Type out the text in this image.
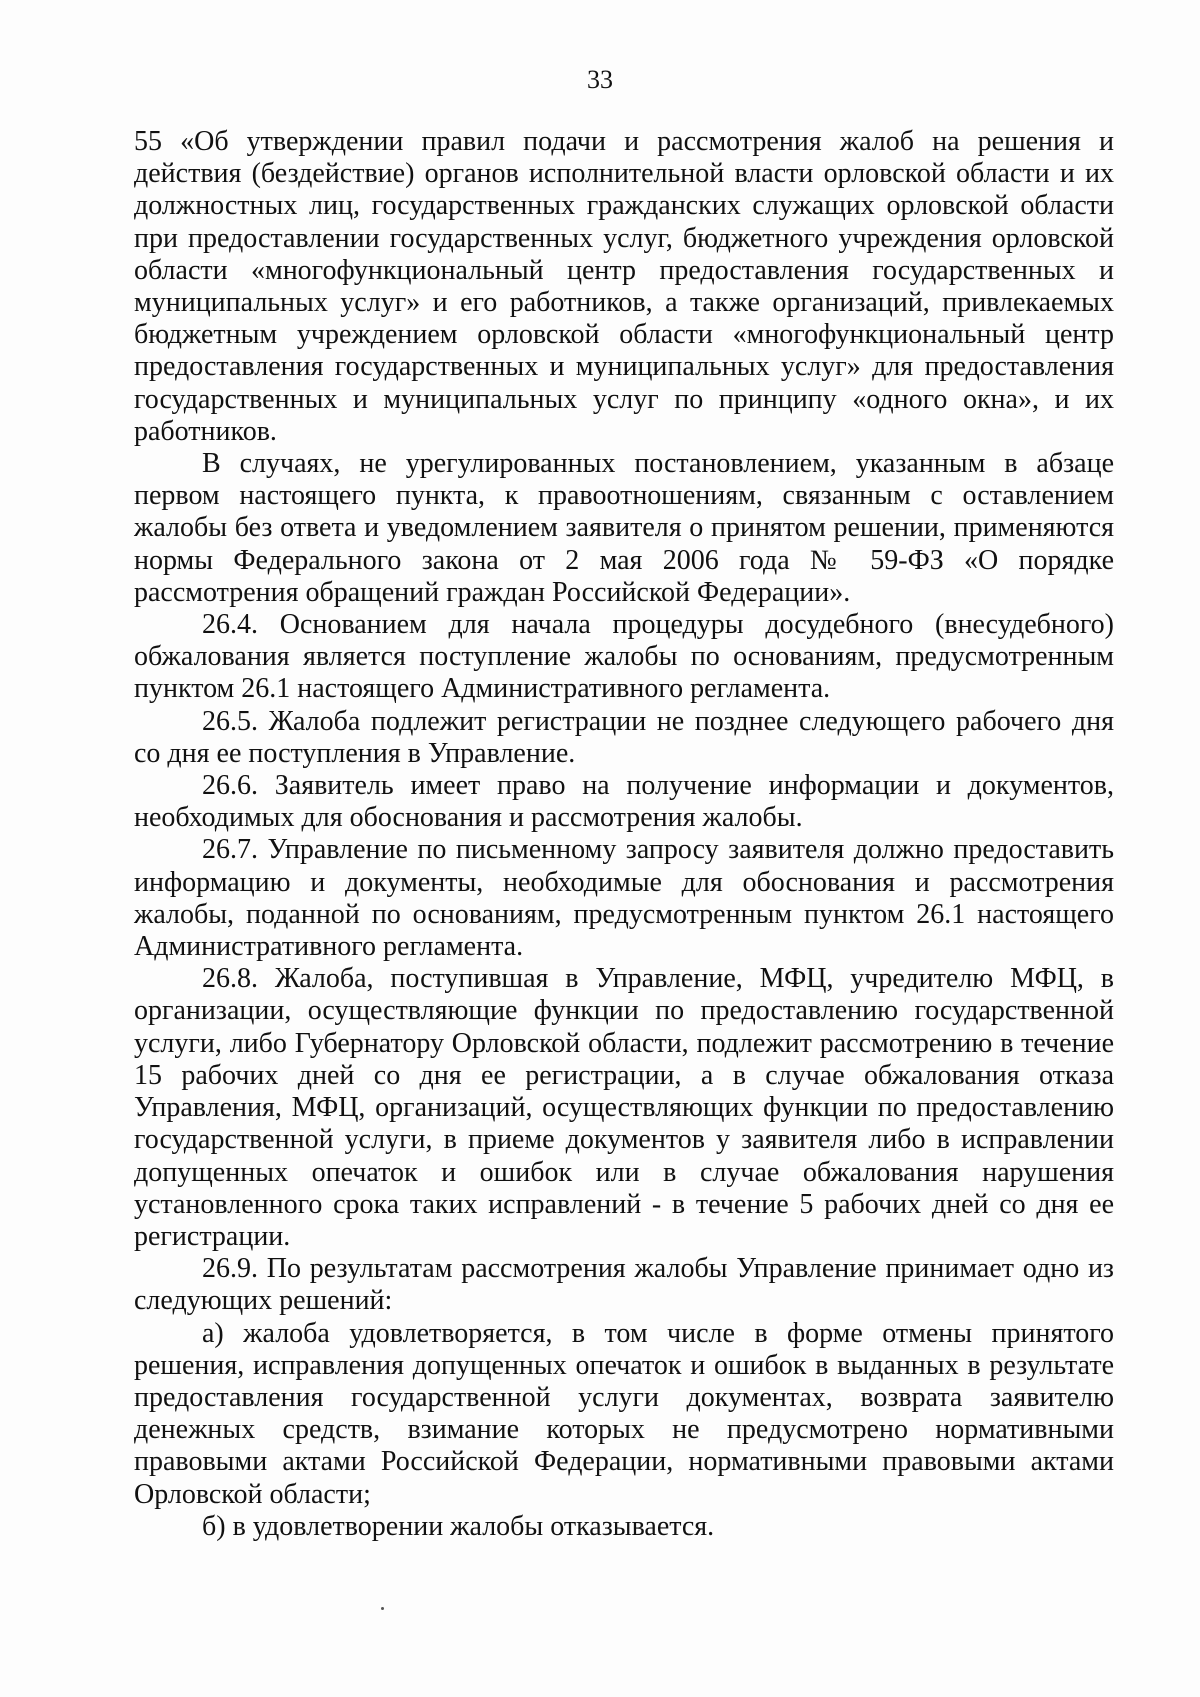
33

55 «Об утверждении правил подачи и рассмотрения жалоб на решения и действия (бездействие) органов исполнительной власти орловской области и их должностных лиц, государственных гражданских служащих орловской области при предоставлении государственных услуг, бюджетного учреждения орловской области «многофункциональный центр предоставления государственных и муниципальных услуг» и его работников, а также организаций, привлекаемых бюджетным учреждением орловской области «многофункциональный центр предоставления государственных и муниципальных услуг» для предоставления государственных и муниципальных услуг по принципу «одного окна», и их работников.

В случаях, не урегулированных постановлением, указанным в абзаце первом настоящего пункта, к правоотношениям, связанным с оставлением жалобы без ответа и уведомлением заявителя о принятом решении, применяются нормы Федерального закона от 2 мая 2006 года № 59-ФЗ «О порядке рассмотрения обращений граждан Российской Федерации».

26.4. Основанием для начала процедуры досудебного (внесудебного) обжалования является поступление жалобы по основаниям, предусмотренным пунктом 26.1 настоящего Административного регламента.

26.5. Жалоба подлежит регистрации не позднее следующего рабочего дня со дня ее поступления в Управление.

26.6. Заявитель имеет право на получение информации и документов, необходимых для обоснования и рассмотрения жалобы.

26.7. Управление по письменному запросу заявителя должно предоставить информацию и документы, необходимые для обоснования и рассмотрения жалобы, поданной по основаниям, предусмотренным пунктом 26.1 настоящего Административного регламента.

26.8. Жалоба, поступившая в Управление, МФЦ, учредителю МФЦ, в организации, осуществляющие функции по предоставлению государственной услуги, либо Губернатору Орловской области, подлежит рассмотрению в течение 15 рабочих дней со дня ее регистрации, а в случае обжалования отказа Управления, МФЦ, организаций, осуществляющих функции по предоставлению государственной услуги, в приеме документов у заявителя либо в исправлении допущенных опечаток и ошибок или в случае обжалования нарушения установленного срока таких исправлений - в течение 5 рабочих дней со дня ее регистрации.

26.9. По результатам рассмотрения жалобы Управление принимает одно из следующих решений:

а) жалоба удовлетворяется, в том числе в форме отмены принятого решения, исправления допущенных опечаток и ошибок в выданных в результате предоставления государственной услуги документах, возврата заявителю денежных средств, взимание которых не предусмотрено нормативными правовыми актами Российской Федерации, нормативными правовыми актами Орловской области;

б) в удовлетворении жалобы отказывается.
